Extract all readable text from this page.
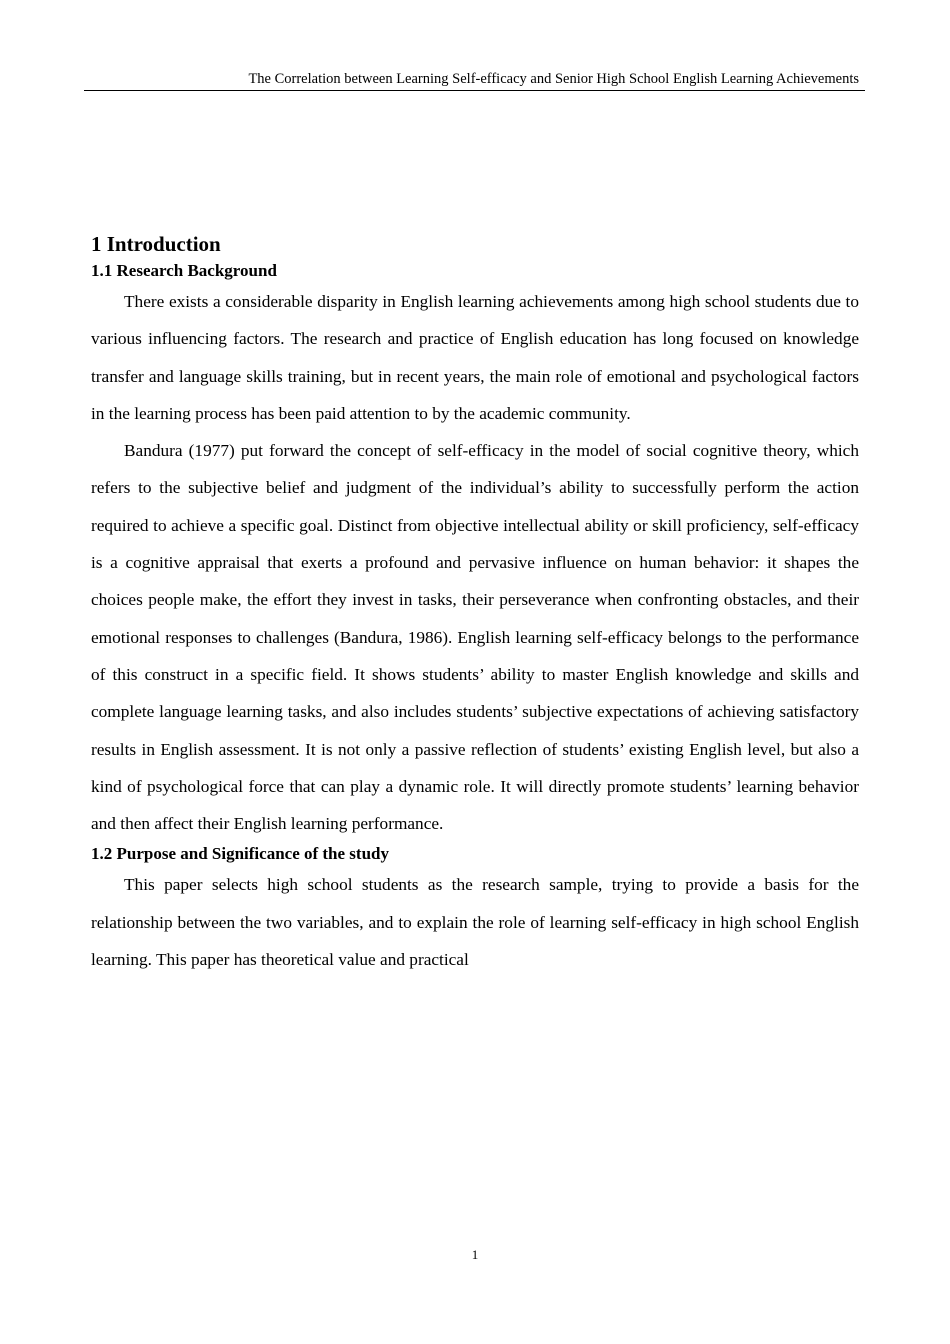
The Correlation between Learning Self-efficacy and Senior High School English Learning Achievements
1 Introduction
1.1 Research Background

There exists a considerable disparity in English learning achievements among high school students due to various influencing factors. The research and practice of English education has long focused on knowledge transfer and language skills training, but in recent years, the main role of emotional and psychological factors in the learning process has been paid attention to by the academic community.

Bandura (1977) put forward the concept of self-efficacy in the model of social cognitive theory, which refers to the subjective belief and judgment of the individual’s ability to successfully perform the action required to achieve a specific goal. Distinct from objective intellectual ability or skill proficiency, self-efficacy is a cognitive appraisal that exerts a profound and pervasive influence on human behavior: it shapes the choices people make, the effort they invest in tasks, their perseverance when confronting obstacles, and their emotional responses to challenges (Bandura, 1986). English learning self-efficacy belongs to the performance of this construct in a specific field. It shows students’ ability to master English knowledge and skills and complete language learning tasks, and also includes students’ subjective expectations of achieving satisfactory results in English assessment. It is not only a passive reflection of students’ existing English level, but also a kind of psychological force that can play a dynamic role. It will directly promote students’ learning behavior and then affect their English learning performance.

1.2 Purpose and Significance of the study

This paper selects high school students as the research sample, trying to provide a basis for the relationship between the two variables, and to explain the role of learning self-efficacy in high school English learning. This paper has theoretical value and practical

1
